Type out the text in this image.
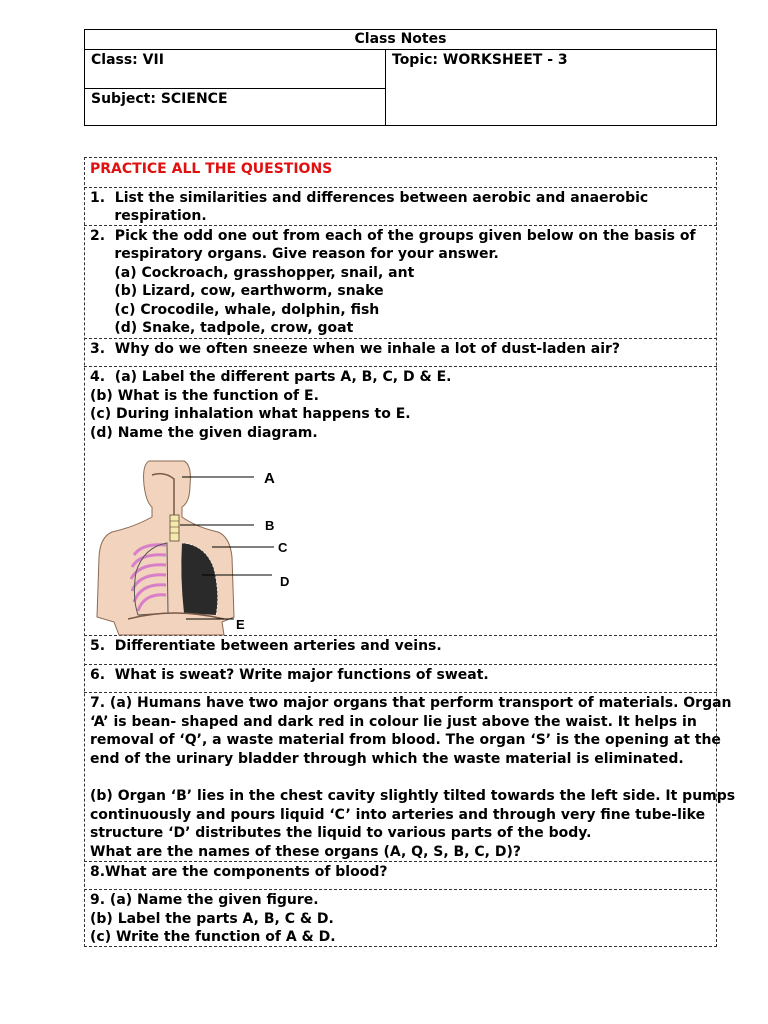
Class Notes
Class: VII	Topic: WORKSHEET - 3
Subject: SCIENCE
PRACTICE ALL THE QUESTIONS
1.  List the similarities and differences between aerobic and anaerobic
respiration.
2.  Pick the odd one out from each of the groups given below on the basis of
respiratory organs. Give reason for your answer.
(a) Cockroach, grasshopper, snail, ant
(b) Lizard, cow, earthworm, snake
(c) Crocodile, whale, dolphin, fish
(d) Snake, tadpole, crow, goat
3.  Why do we often sneeze when we inhale a lot of dust-laden air?
4.  (a) Label the different parts A, B, C, D & E.
(b) What is the function of E.
(c) During inhalation what happens to E.
(d) Name the given diagram.
A
B
C
D
E
5.  Differentiate between arteries and veins.
6.  What is sweat? Write major functions of sweat.
7. (a) Humans have two major organs that perform transport of materials. Organ
‘A’ is bean- shaped and dark red in colour lie just above the waist. It helps in
removal of ‘Q’, a waste material from blood. The organ ‘S’ is the opening at the
end of the urinary bladder through which the waste material is eliminated.
(b) Organ ‘B’ lies in the chest cavity slightly tilted towards the left side. It pumps
continuously and pours liquid ‘C’ into arteries and through very fine tube-like
structure ‘D’ distributes the liquid to various parts of the body.
What are the names of these organs (A, Q, S, B, C, D)?
8.What are the components of blood?
9. (a) Name the given figure.
(b) Label the parts A, B, C & D.
(c) Write the function of A & D.
